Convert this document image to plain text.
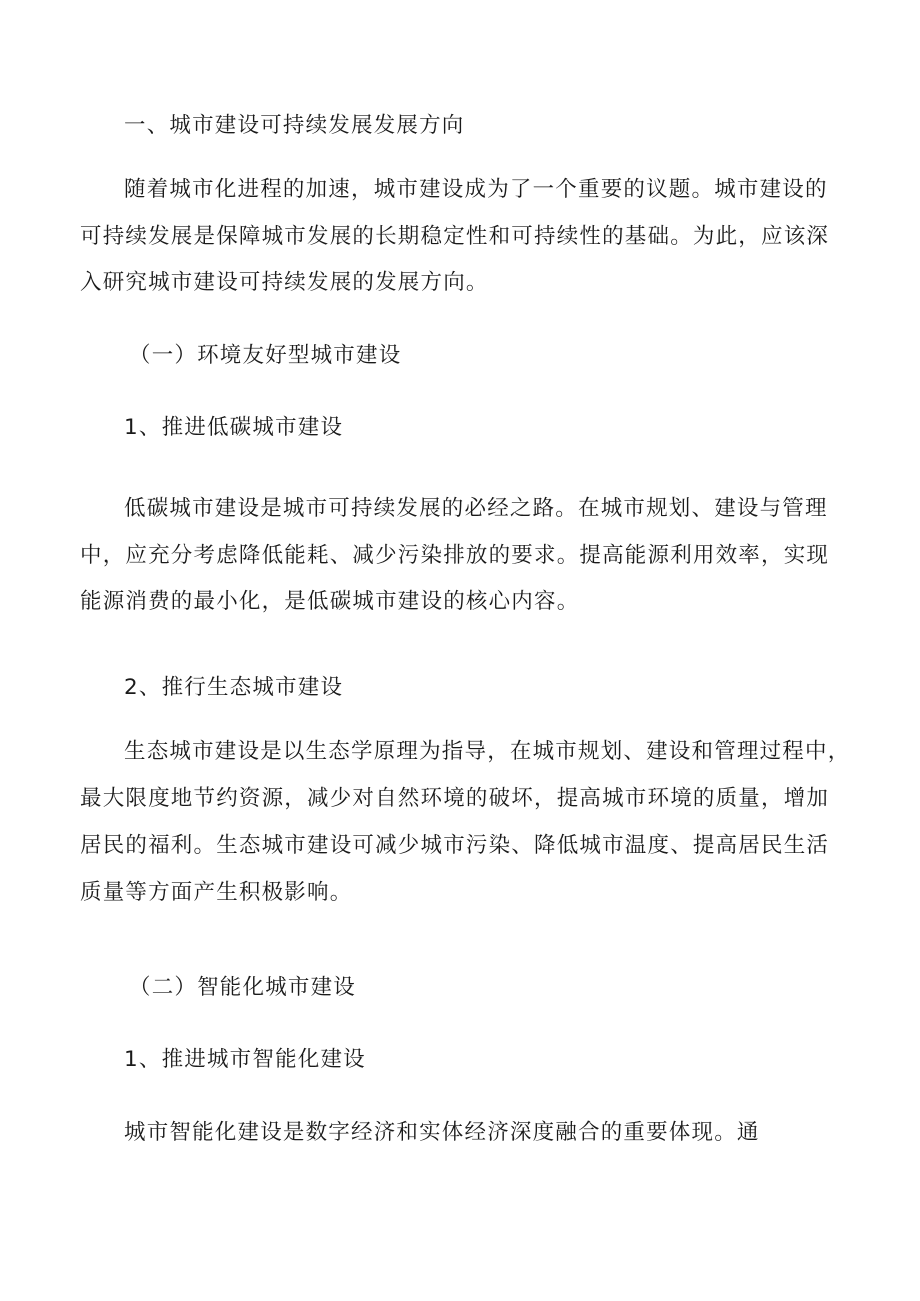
一、城市建设可持续发展发展方向

随着城市化进程的加速，城市建设成为了一个重要的议题。城市建设的
可持续发展是保障城市发展的长期稳定性和可持续性的基础。为此，应该深
入研究城市建设可持续发展的发展方向。

（一）环境友好型城市建设

1、推进低碳城市建设

低碳城市建设是城市可持续发展的必经之路。在城市规划、建设与管理
中，应充分考虑降低能耗、减少污染排放的要求。提高能源利用效率，实现
能源消费的最小化，是低碳城市建设的核心内容。

2、推行生态城市建设

生态城市建设是以生态学原理为指导，在城市规划、建设和管理过程中，
最大限度地节约资源，减少对自然环境的破坏，提高城市环境的质量，增加
居民的福利。生态城市建设可减少城市污染、降低城市温度、提高居民生活
质量等方面产生积极影响。

（二）智能化城市建设

1、推进城市智能化建设

城市智能化建设是数字经济和实体经济深度融合的重要体现。通
